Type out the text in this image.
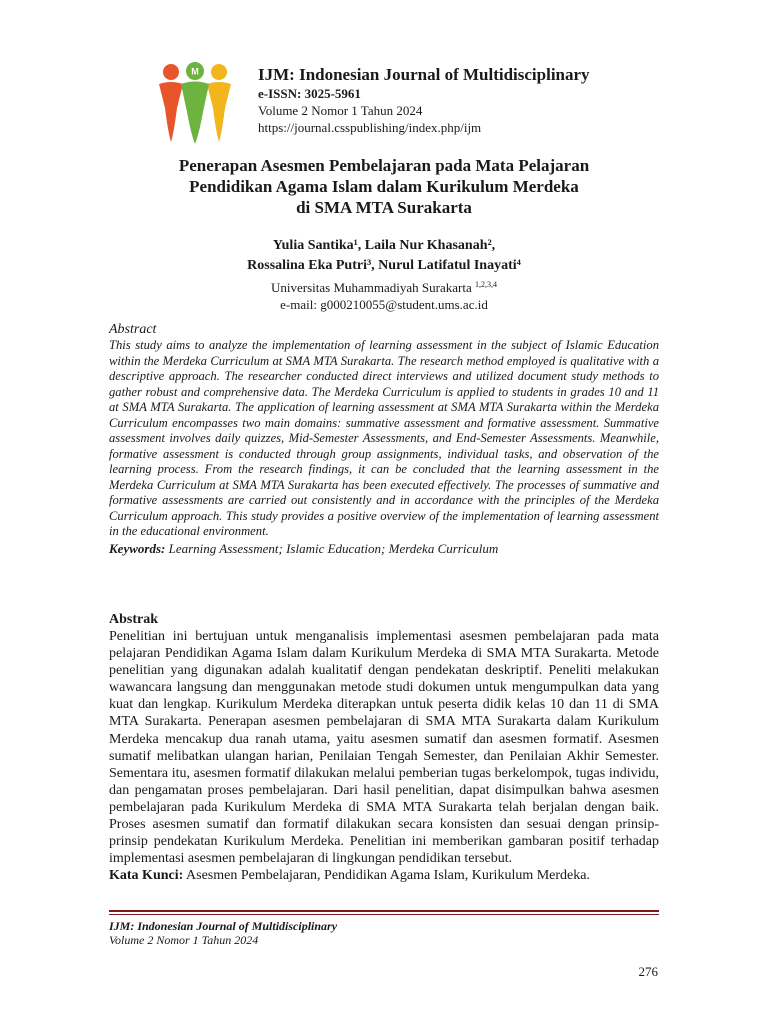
M	IJM: Indonesian Journal of Multidisciplinary
e-ISSN: 3025-5961
Volume 2 Nomor 1 Tahun 2024
https://journal.csspublishing/index.php/ijm
Penerapan Asesmen Pembelajaran pada Mata Pelajaran
Pendidikan Agama Islam dalam Kurikulum Merdeka
di SMA MTA Surakarta
Yulia Santika¹, Laila Nur Khasanah²,
Rossalina Eka Putri³, Nurul Latifatul Inayati⁴
Universitas Muhammadiyah Surakarta $^{1,2,3,4}$
e-mail: g000210055@student.ums.ac.id
Abstract
This study aims to analyze the implementation of learning assessment in the subject of Islamic Education within the Merdeka Curriculum at SMA MTA Surakarta. The research method employed is qualitative with a descriptive approach. The researcher conducted direct interviews and utilized document study methods to gather robust and comprehensive data. The Merdeka Curriculum is applied to students in grades 10 and 11 at SMA MTA Surakarta. The application of learning assessment at SMA MTA Surakarta within the Merdeka Curriculum encompasses two main domains: summative assessment and formative assessment. Summative assessment involves daily quizzes, Mid-Semester Assessments, and End-Semester Assessments. Meanwhile, formative assessment is conducted through group assignments, individual tasks, and observation of the learning process. From the research findings, it can be concluded that the learning assessment in the Merdeka Curriculum at SMA MTA Surakarta has been executed effectively. The processes of summative and formative assessments are carried out consistently and in accordance with the principles of the Merdeka Curriculum approach. This study provides a positive overview of the implementation of learning assessment in the educational environment.
Keywords: Learning Assessment; Islamic Education; Merdeka Curriculum
Abstrak
Penelitian ini bertujuan untuk menganalisis implementasi asesmen pembelajaran pada mata pelajaran Pendidikan Agama Islam dalam Kurikulum Merdeka di SMA MTA Surakarta. Metode penelitian yang digunakan adalah kualitatif dengan pendekatan deskriptif. Peneliti melakukan wawancara langsung dan menggunakan metode studi dokumen untuk mengumpulkan data yang kuat dan lengkap. Kurikulum Merdeka diterapkan untuk peserta didik kelas 10 dan 11 di SMA MTA Surakarta. Penerapan asesmen pembelajaran di SMA MTA Surakarta dalam Kurikulum Merdeka mencakup dua ranah utama, yaitu asesmen sumatif dan asesmen formatif. Asesmen sumatif melibatkan ulangan harian, Penilaian Tengah Semester, dan Penilaian Akhir Semester. Sementara itu, asesmen formatif dilakukan melalui pemberian tugas berkelompok, tugas individu, dan pengamatan proses pembelajaran. Dari hasil penelitian, dapat disimpulkan bahwa asesmen pembelajaran pada Kurikulum Merdeka di SMA MTA Surakarta telah berjalan dengan baik. Proses asesmen sumatif dan formatif dilakukan secara konsisten dan sesuai dengan prinsip-prinsip pendekatan Kurikulum Merdeka. Penelitian ini memberikan gambaran positif terhadap implementasi asesmen pembelajaran di lingkungan pendidikan tersebut.
Kata Kunci: Asesmen Pembelajaran, Pendidikan Agama Islam, Kurikulum Merdeka.
IJM: Indonesian Journal of Multidisciplinary
Volume 2 Nomor 1 Tahun 2024
276
